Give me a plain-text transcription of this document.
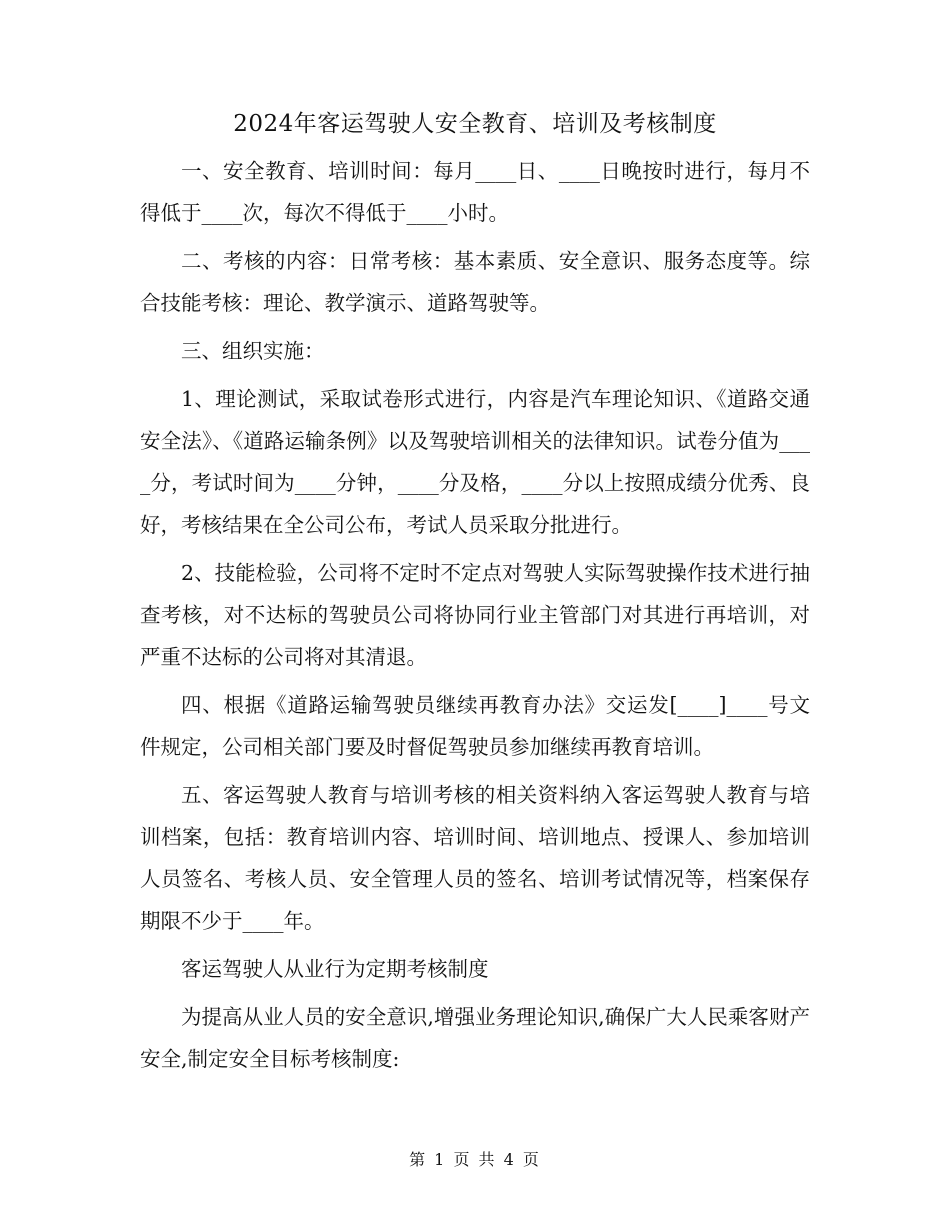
2024年客运驾驶人安全教育、培训及考核制度

一、安全教育、培训时间：每月____日、____日晚按时进行，每月不得低于____次，每次不得低于____小时。

二、考核的内容：日常考核：基本素质、安全意识、服务态度等。综合技能考核：理论、教学演示、道路驾驶等。

三、组织实施：

1、理论测试，采取试卷形式进行，内容是汽车理论知识、《道路交通安全法》、《道路运输条例》以及驾驶培训相关的法律知识。试卷分值为____分，考试时间为____分钟，____分及格，____分以上按照成绩分优秀、良好，考核结果在全公司公布，考试人员采取分批进行。

2、技能检验，公司将不定时不定点对驾驶人实际驾驶操作技术进行抽查考核，对不达标的驾驶员公司将协同行业主管部门对其进行再培训，对严重不达标的公司将对其清退。

四、根据《道路运输驾驶员继续再教育办法》交运发[____]____号文件规定，公司相关部门要及时督促驾驶员参加继续再教育培训。

五、客运驾驶人教育与培训考核的相关资料纳入客运驾驶人教育与培训档案，包括：教育培训内容、培训时间、培训地点、授课人、参加培训人员签名、考核人员、安全管理人员的签名、培训考试情况等，档案保存期限不少于____年。

客运驾驶人从业行为定期考核制度

为提高从业人员的安全意识,增强业务理论知识,确保广大人民乘客财产安全,制定安全目标考核制度:

第 1 页 共 4 页
